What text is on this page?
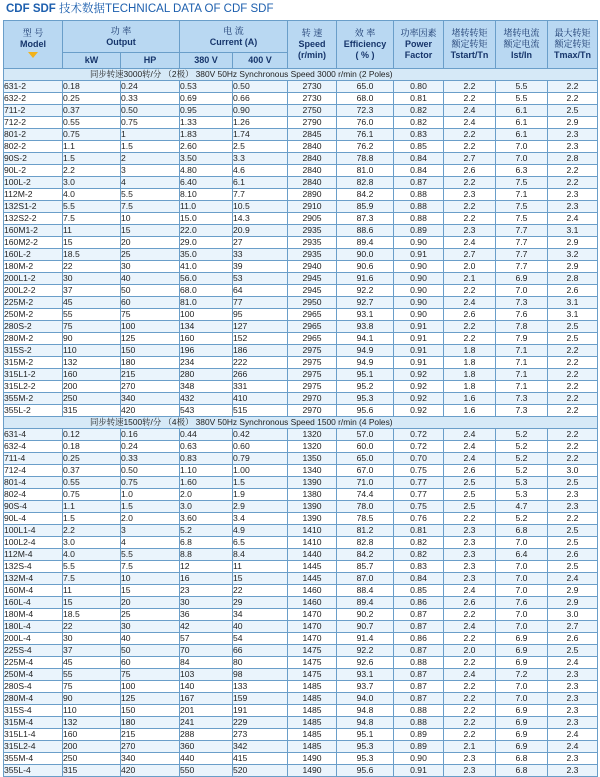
CDF SDF 技术数据TECHNICAL DATA OF CDF SDF
型 号
Model	功 率
Output		电 流
Current (A)		转 速
Speed
(r/min)	效 率
Efficiency
( % )	功率因素
Power
Factor	堵转转矩
额定转矩
Tstart/Tn	堵转电流
额定电流
Ist/In	最大转矩
额定转矩
Tmax/Tn
	kW	HP	380 V	400 V						
同步转速3000转/分 （2极） 380V 50Hz Synchronous Speed 3000 r/min (2 Poles)										
631-2	0.18	0.24	0.53	0.50	2730	65.0	0.80	2.2	5.5	2.2
632-2	0.25	0.33	0.69	0.66	2730	68.0	0.81	2.2	5.5	2.2
711-2	0.37	0.50	0.95	0.90	2750	72.3	0.82	2.4	6.1	2.5
712-2	0.55	0.75	1.33	1.26	2790	76.0	0.82	2.4	6.1	2.9
801-2	0.75	1	1.83	1.74	2845	76.1	0.83	2.2	6.1	2.3
802-2	1.1	1.5	2.60	2.5	2840	76.2	0.85	2.2	7.0	2.3
90S-2	1.5	2	3.50	3.3	2840	78.8	0.84	2.7	7.0	2.8
90L-2	2.2	3	4.80	4.6	2840	81.0	0.84	2.6	6.3	2.2
100L-2	3.0	4	6.40	6.1	2840	82.8	0.87	2.2	7.5	2.2
112M-2	4.0	5.5	8.10	7.7	2890	84.2	0.88	2.3	7.1	2.3
132S1-2	5.5	7.5	11.0	10.5	2910	85.9	0.88	2.2	7.5	2.3
132S2-2	7.5	10	15.0	14.3	2905	87.3	0.88	2.2	7.5	2.4
160M1-2	11	15	22.0	20.9	2935	88.6	0.89	2.3	7.7	3.1
160M2-2	15	20	29.0	27	2935	89.4	0.90	2.4	7.7	2.9
160L-2	18.5	25	35.0	33	2935	90.0	0.91	2.7	7.7	3.2
180M-2	22	30	41.0	39	2940	90.6	0.90	2.0	7.7	2.9
200L1-2	30	40	56.0	53	2945	91.6	0.90	2.1	6.9	2.8
200L2-2	37	50	68.0	64	2945	92.2	0.90	2.2	7.0	2.6
225M-2	45	60	81.0	77	2950	92.7	0.90	2.4	7.3	3.1
250M-2	55	75	100	95	2965	93.1	0.90	2.6	7.6	3.1
280S-2	75	100	134	127	2965	93.8	0.91	2.2	7.8	2.5
280M-2	90	125	160	152	2965	94.1	0.91	2.2	7.9	2.5
315S-2	110	150	196	186	2975	94.9	0.91	1.8	7.1	2.2
315M-2	132	180	234	222	2975	94.9	0.91	1.8	7.1	2.2
315L1-2	160	215	280	266	2975	95.1	0.92	1.8	7.1	2.2
315L2-2	200	270	348	331	2975	95.2	0.92	1.8	7.1	2.2
355M-2	250	340	432	410	2970	95.3	0.92	1.6	7.3	2.2
355L-2	315	420	543	515	2970	95.6	0.92	1.6	7.3	2.2
同步转速1500转/分 （4极） 380V 50Hz Synchronous Speed 1500 r/min (4 Poles)										
631-4	0.12	0.16	0.44	0.42	1320	57.0	0.72	2.4	5.2	2.2
632-4	0.18	0.24	0.63	0.60	1320	60.0	0.72	2.4	5.2	2.2
711-4	0.25	0.33	0.83	0.79	1350	65.0	0.70	2.4	5.2	2.2
712-4	0.37	0.50	1.10	1.00	1340	67.0	0.75	2.6	5.2	3.0
801-4	0.55	0.75	1.60	1.5	1390	71.0	0.77	2.5	5.3	2.5
802-4	0.75	1.0	2.0	1.9	1380	74.4	0.77	2.5	5.3	2.3
90S-4	1.1	1.5	3.0	2.9	1390	78.0	0.75	2.5	4.7	2.3
90L-4	1.5	2.0	3.60	3.4	1390	78.5	0.76	2.2	5.2	2.2
100L1-4	2.2	3	5.2	4.9	1410	81.2	0.81	2.3	6.8	2.5
100L2-4	3.0	4	6.8	6.5	1410	82.8	0.82	2.3	7.0	2.5
112M-4	4.0	5.5	8.8	8.4	1440	84.2	0.82	2.3	6.4	2.6
132S-4	5.5	7.5	12	11	1445	85.7	0.83	2.3	7.0	2.5
132M-4	7.5	10	16	15	1445	87.0	0.84	2.3	7.0	2.4
160M-4	11	15	23	22	1460	88.4	0.85	2.4	7.0	2.9
160L-4	15	20	30	29	1460	89.4	0.86	2.6	7.6	2.9
180M-4	18.5	25	36	34	1470	90.2	0.87	2.2	7.0	3.0
180L-4	22	30	42	40	1470	90.7	0.87	2.4	7.0	2.7
200L-4	30	40	57	54	1470	91.4	0.86	2.2	6.9	2.6
225S-4	37	50	70	66	1475	92.2	0.87	2.0	6.9	2.5
225M-4	45	60	84	80	1475	92.6	0.88	2.2	6.9	2.4
250M-4	55	75	103	98	1475	93.1	0.87	2.4	7.2	2.3
280S-4	75	100	140	133	1485	93.7	0.87	2.2	7.0	2.3
280M-4	90	125	167	159	1485	94.0	0.87	2.2	7.0	2.3
315S-4	110	150	201	191	1485	94.8	0.88	2.2	6.9	2.3
315M-4	132	180	241	229	1485	94.8	0.88	2.2	6.9	2.3
315L1-4	160	215	288	273	1485	95.1	0.89	2.2	6.9	2.4
315L2-4	200	270	360	342	1485	95.3	0.89	2.1	6.9	2.4
355M-4	250	340	440	415	1490	95.3	0.90	2.3	6.8	2.3
355L-4	315	420	550	520	1490	95.6	0.91	2.3	6.8	2.3
